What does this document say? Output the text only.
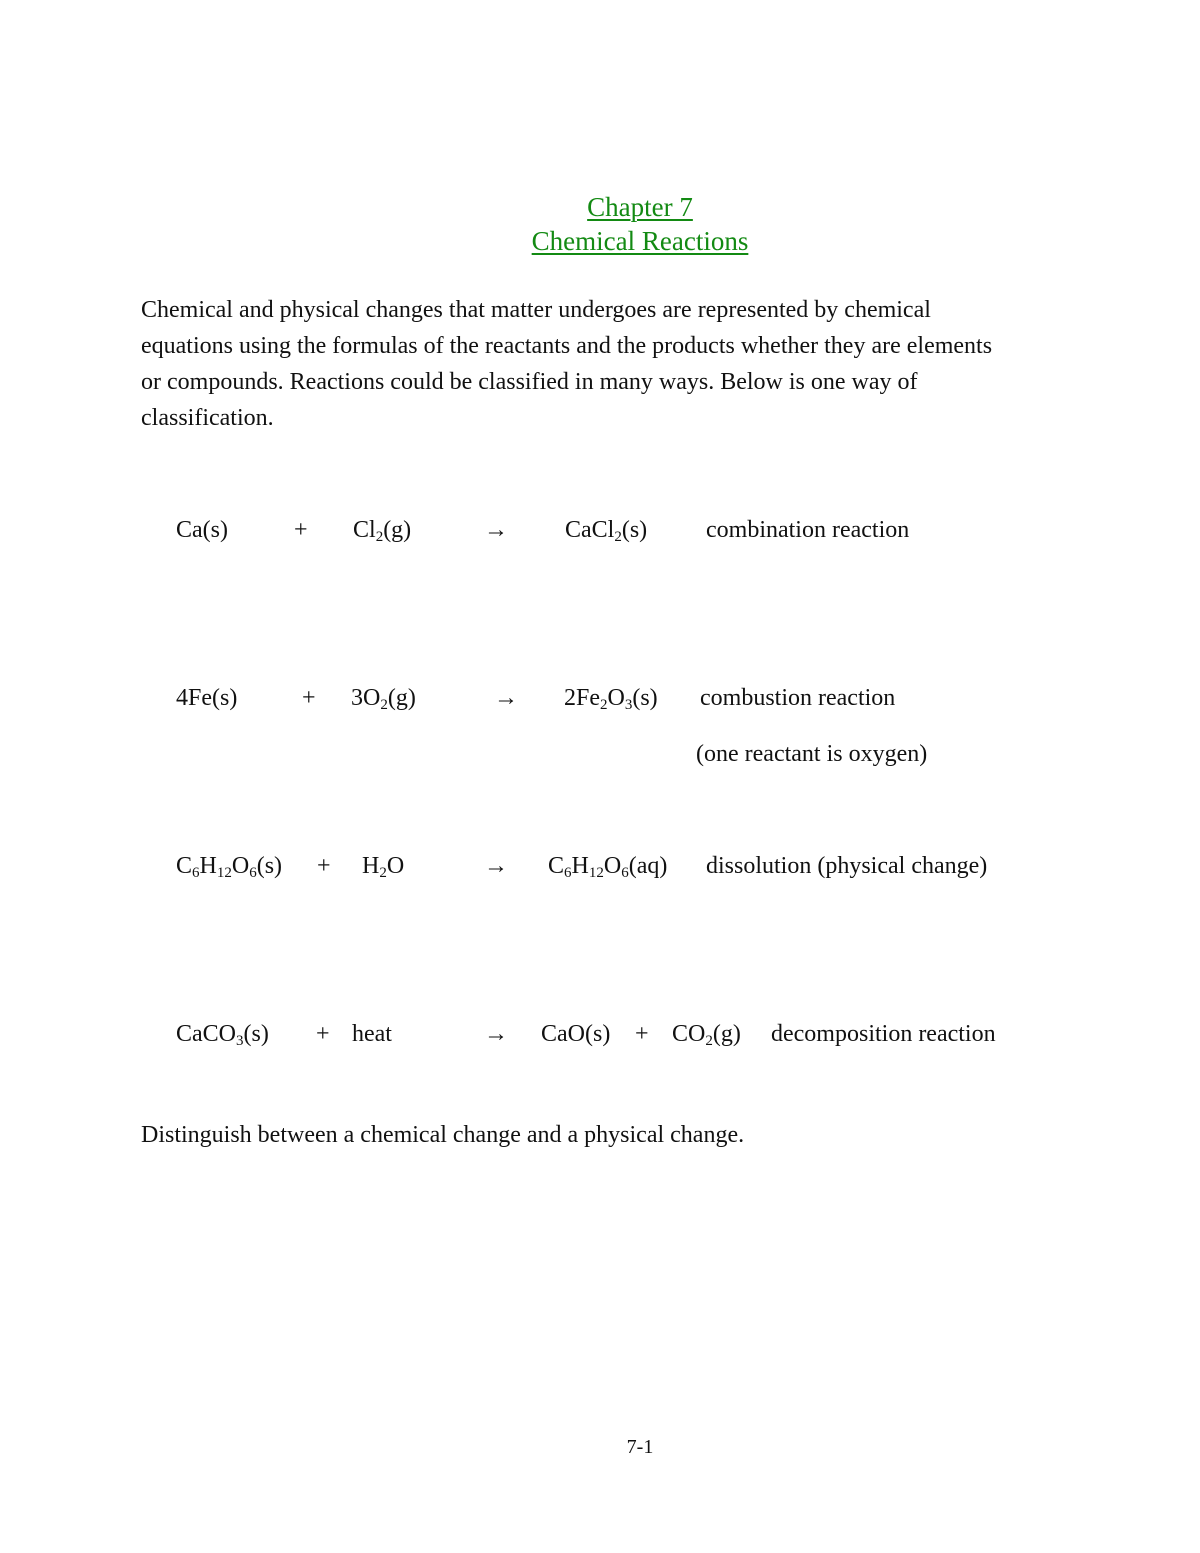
Chapter 7
Chemical Reactions
Chemical and physical changes that matter undergoes are represented by chemical
equations using the formulas of the reactants and the products whether they are elements
or compounds. Reactions could be classified in many ways. Below is one way of
classification.
Ca(s)	+ $Cl_2(g)$	→ CaCl$_2$(s) combination reaction
4Fe(s)	+ $3O_2(g)$	→ $2Fe_2O_3(s)$ combustion reaction
(one reactant is oxygen)
$C_6H_{12}O_6(s) + H_2O$	→ $C_6H_{12}O_6(aq)$ dissolution (physical change)
CaCO$_3$(s) + heat	→ $CaO(s) + CO_2(g)$ decomposition reaction
Distinguish between a chemical change and a physical change.
7-1
